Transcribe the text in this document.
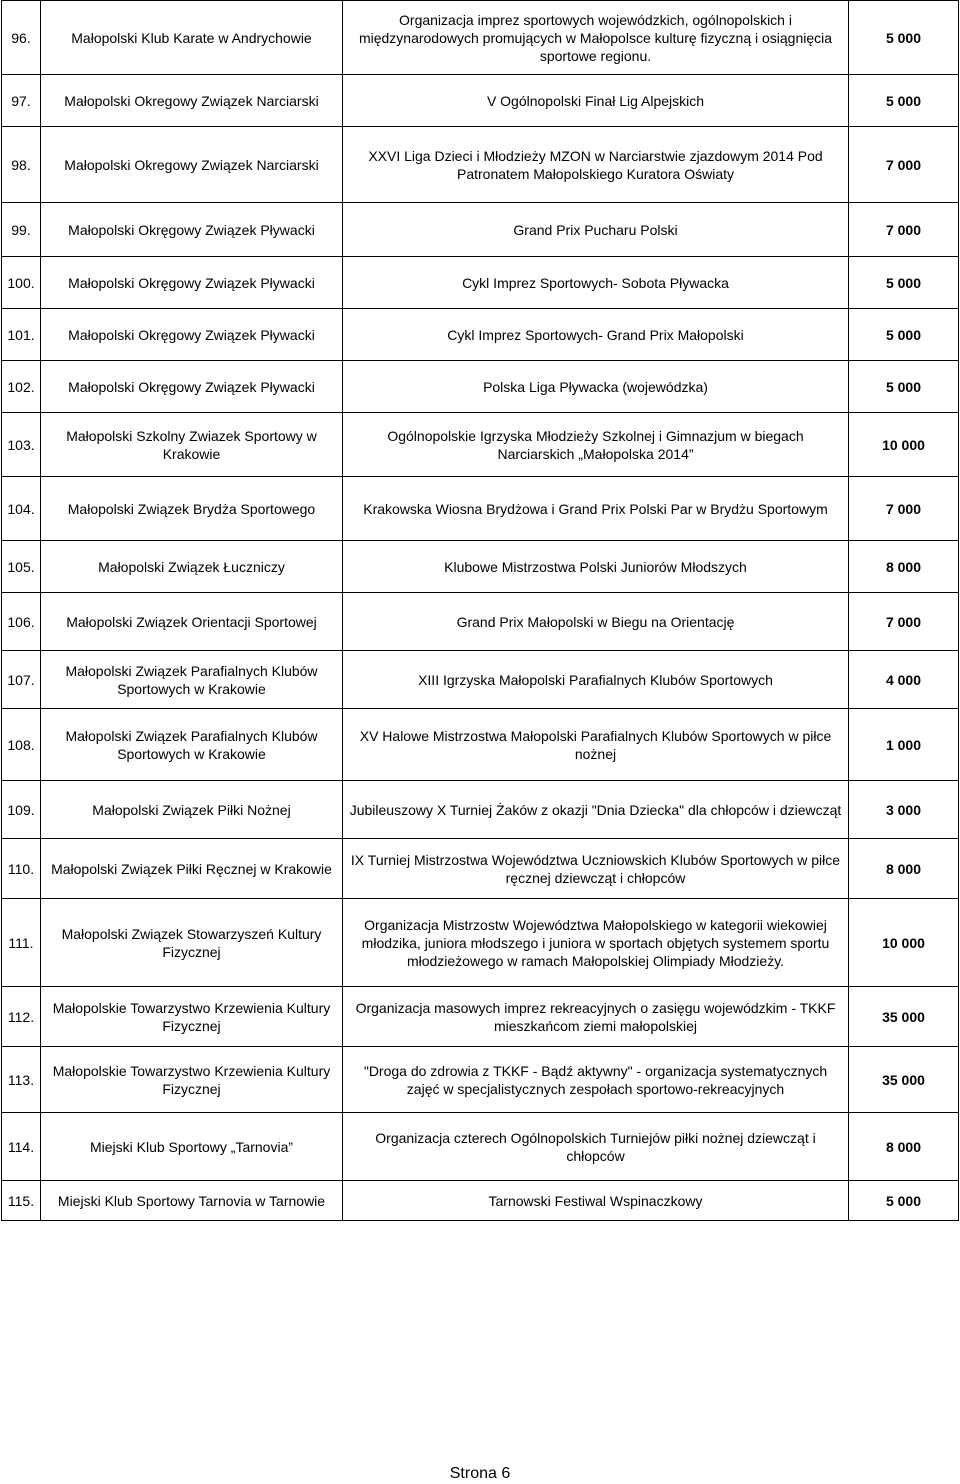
96.	Małopolski Klub Karate w Andrychowie	Organizacja imprez sportowych wojewódzkich, ogólnopolskich i międzynarodowych promujących w Małopolsce kulturę fizyczną i osiągnięcia sportowe regionu.	5 000
97.	Małopolski Okregowy Związek Narciarski	V Ogólnopolski Finał Lig Alpejskich	5 000
98.	Małopolski Okregowy Związek Narciarski	XXVI Liga Dzieci i Młodzieży MZON w Narciarstwie zjazdowym 2014 Pod Patronatem Małopolskiego Kuratora Oświaty	7 000
99.	Małopolski Okręgowy Związek Pływacki	Grand Prix Pucharu Polski	7 000
100.	Małopolski Okręgowy Związek Pływacki	Cykl Imprez Sportowych- Sobota Pływacka	5 000
101.	Małopolski Okręgowy Związek Pływacki	Cykl Imprez Sportowych- Grand Prix Małopolski	5 000
102.	Małopolski Okręgowy Związek Pływacki	Polska Liga Pływacka (wojewódzka)	5 000
103.	Małopolski Szkolny Zwiazek Sportowy w Krakowie	Ogólnopolskie Igrzyska Młodzieży Szkolnej i Gimnazjum w biegach Narciarskich „Małopolska 2014”	10 000
104.	Małopolski Związek Brydża Sportowego	Krakowska Wiosna Brydżowa i Grand Prix Polski Par w Brydżu Sportowym	7 000
105.	Małopolski Związek Łuczniczy	Klubowe Mistrzostwa Polski Juniorów Młodszych	8 000
106.	Małopolski Związek Orientacji Sportowej	Grand Prix Małopolski w Biegu na Orientację	7 000
107.	Małopolski Związek Parafialnych Klubów Sportowych w Krakowie	XIII Igrzyska Małopolski Parafialnych Klubów Sportowych	4 000
108.	Małopolski Związek Parafialnych Klubów Sportowych w Krakowie	XV Halowe Mistrzostwa Małopolski Parafialnych Klubów Sportowych w piłce nożnej	1 000
109.	Małopolski Związek Piłki Nożnej	Jubileuszowy X Turniej Żaków z okazji "Dnia Dziecka" dla chłopców i dziewcząt	3 000
110.	Małopolski Związek Piłki Ręcznej w Krakowie	IX Turniej Mistrzostwa Województwa Uczniowskich Klubów Sportowych w piłce ręcznej dziewcząt i chłopców	8 000
111.	Małopolski Związek Stowarzyszeń Kultury Fizycznej	Organizacja Mistrzostw Województwa Małopolskiego w kategorii wiekowiej młodzika, juniora młodszego i juniora w sportach objętych systemem sportu młodzieżowego w ramach Małopolskiej Olimpiady Młodzieży.	10 000
112.	Małopolskie Towarzystwo Krzewienia Kultury Fizycznej	Organizacja masowych imprez rekreacyjnych o zasięgu wojewódzkim - TKKF mieszkańcom ziemi małopolskiej	35 000
113.	Małopolskie Towarzystwo Krzewienia Kultury Fizycznej	"Droga do zdrowia z TKKF - Bądź aktywny" - organizacja systematycznych zajęć w specjalistycznych zespołach sportowo-rekreacyjnych	35 000
114.	Miejski Klub Sportowy „Tarnovia”	Organizacja czterech Ogólnopolskich Turniejów piłki nożnej dziewcząt i chłopców	8 000
115.	Miejski Klub Sportowy Tarnovia w Tarnowie	Tarnowski Festiwal Wspinaczkowy	5 000
Strona 6
